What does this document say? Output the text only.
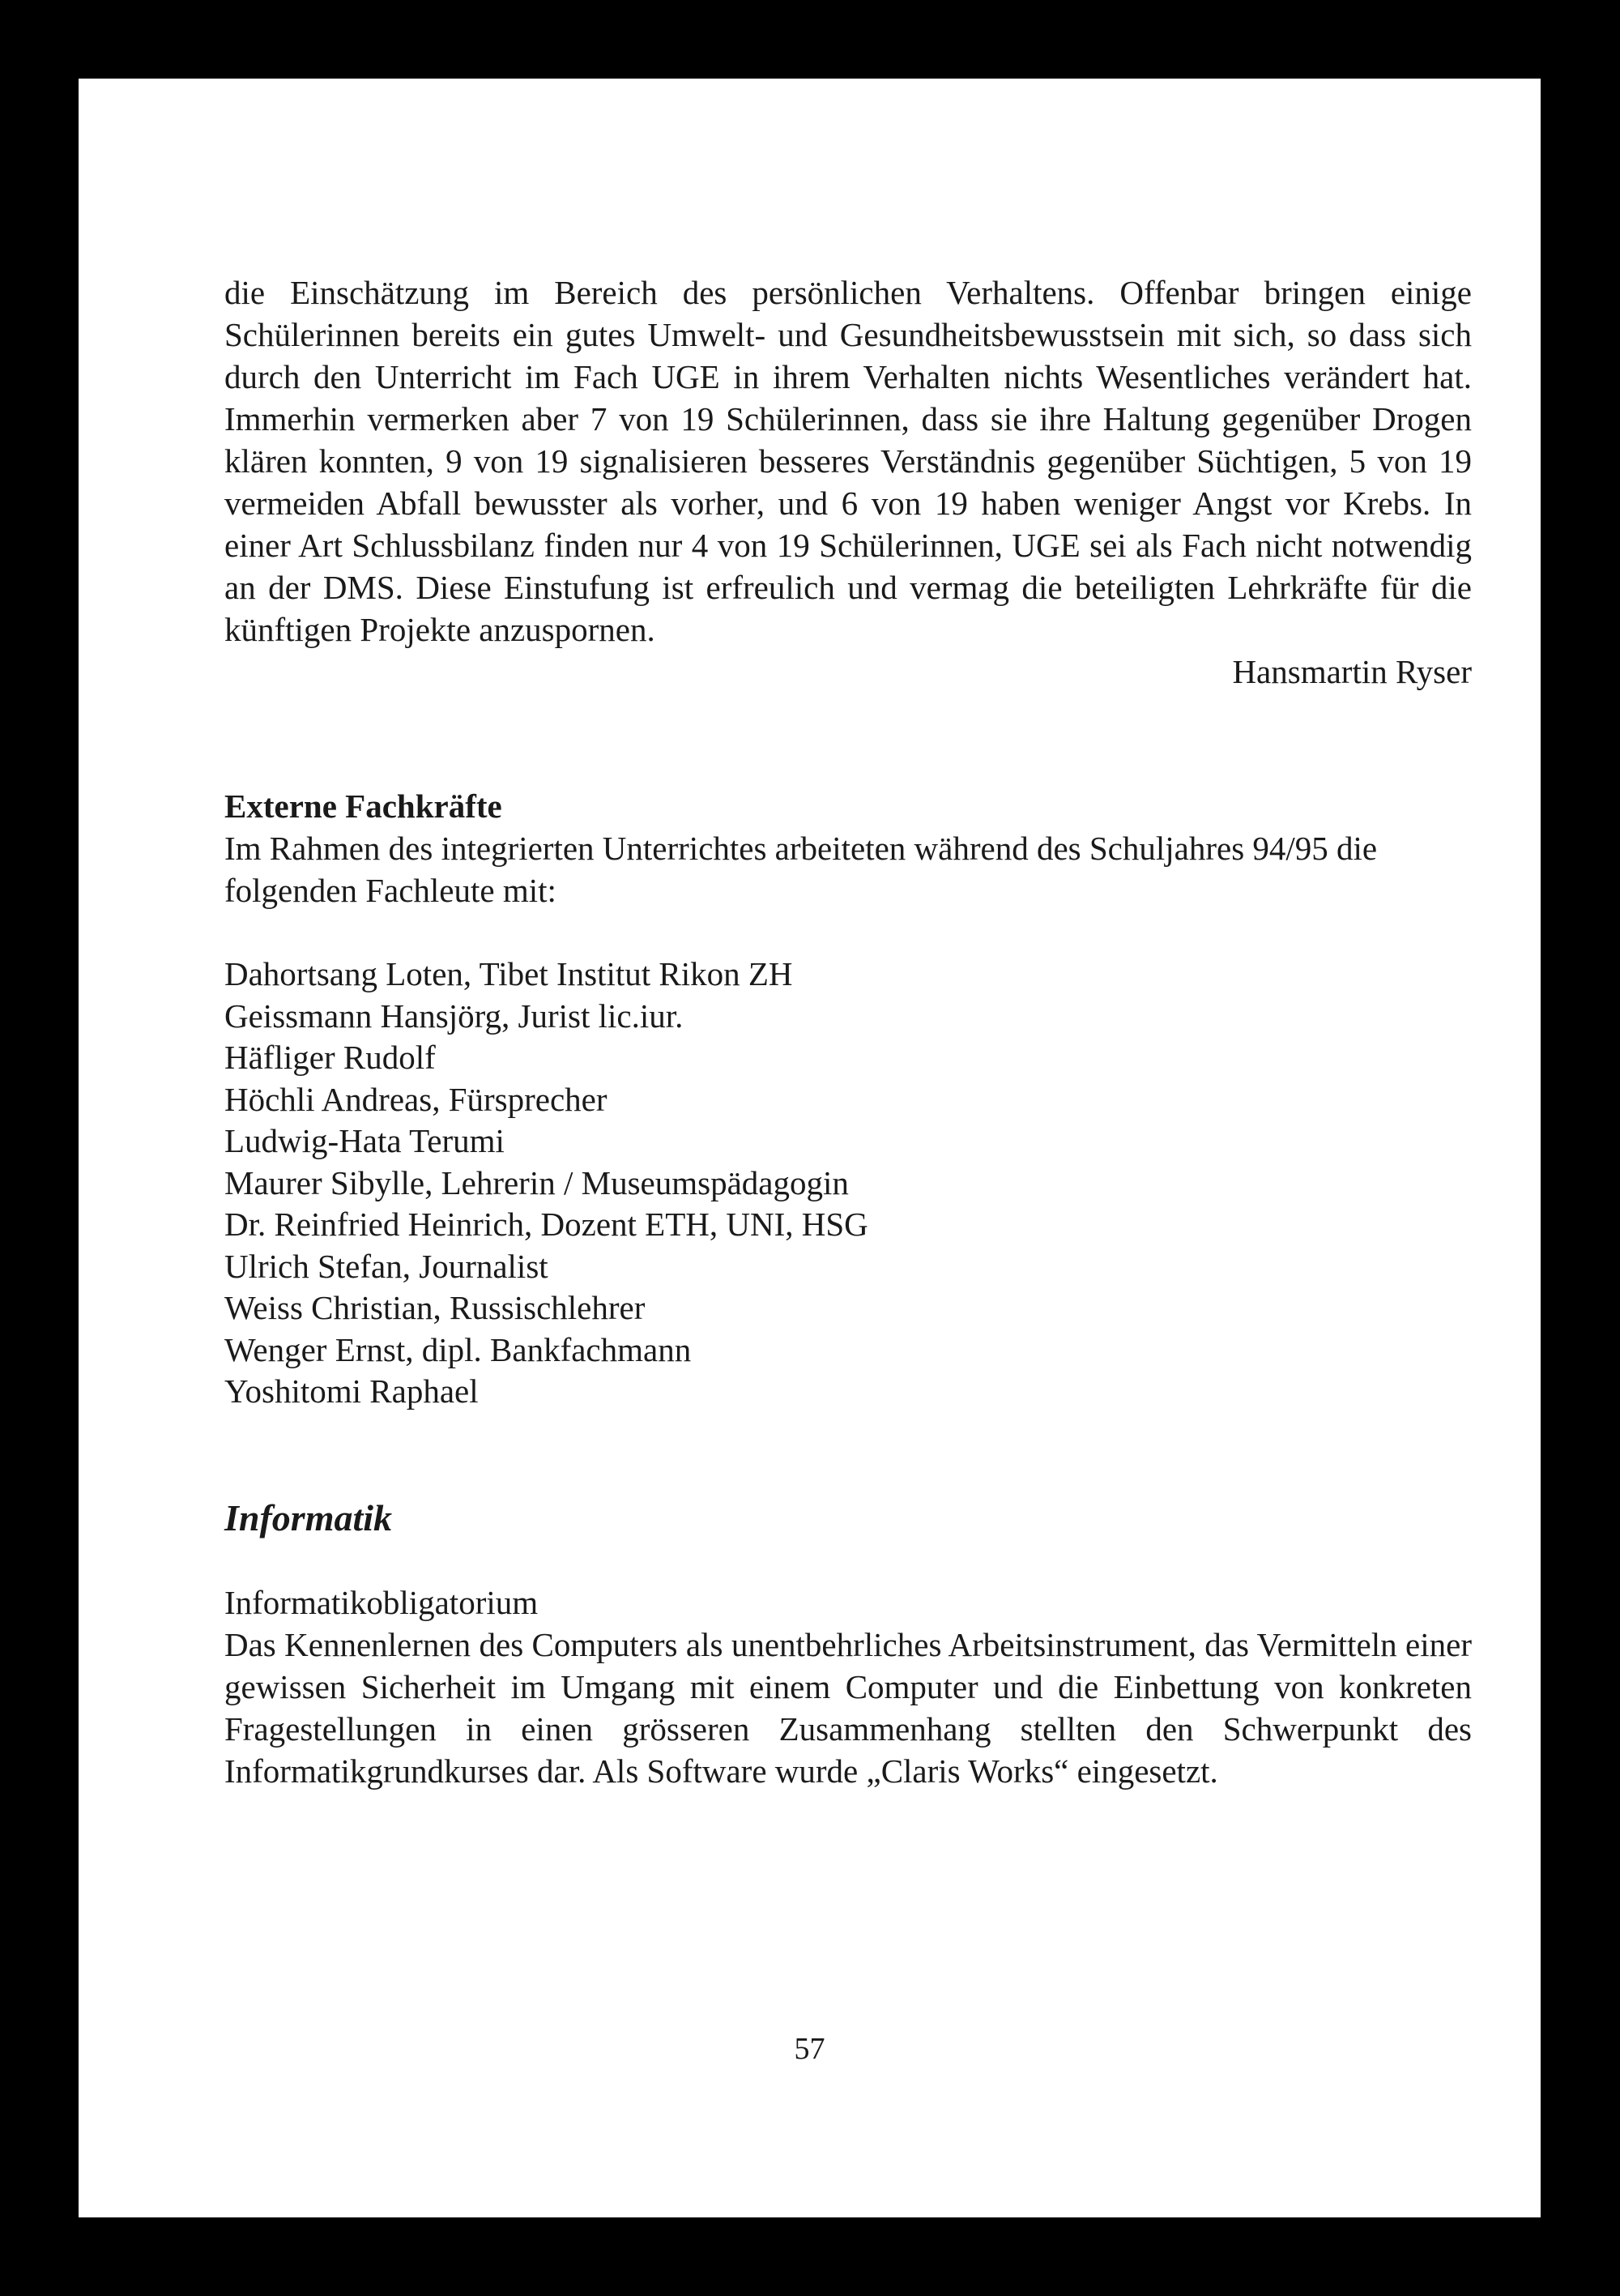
die Einschätzung im Bereich des persönlichen Verhaltens. Offenbar bringen einige Schülerinnen bereits ein gutes Umwelt- und Gesundheitsbewusstsein mit sich, so dass sich durch den Unterricht im Fach UGE in ihrem Verhalten nichts Wesentliches verändert hat. Immerhin vermerken aber 7 von 19 Schülerinnen, dass sie ihre Haltung gegenüber Drogen klären konnten, 9 von 19 signalisieren besseres Verständnis gegenüber Süchtigen, 5 von 19 vermeiden Abfall bewusster als vorher, und 6 von 19 haben weniger Angst vor Krebs. In einer Art Schlussbilanz finden nur 4 von 19 Schülerinnen, UGE sei als Fach nicht notwendig an der DMS. Diese Einstufung ist erfreulich und vermag die beteiligten Lehrkräfte für die künftigen Projekte anzuspornen.

Hansmartin Ryser

Externe Fachkräfte

Im Rahmen des integrierten Unterrichtes arbeiteten während des Schuljahres 94/95 die folgenden Fachleute mit:

Dahortsang Loten, Tibet Institut Rikon ZH
Geissmann Hansjörg, Jurist lic.iur.
Häfliger Rudolf
Höchli Andreas, Fürsprecher
Ludwig-Hata Terumi
Maurer Sibylle, Lehrerin / Museumspädagogin
Dr. Reinfried Heinrich, Dozent ETH, UNI, HSG
Ulrich Stefan, Journalist
Weiss Christian, Russischlehrer
Wenger Ernst, dipl. Bankfachmann
Yoshitomi Raphael
Informatik

Informatikobligatorium

Das Kennenlernen des Computers als unentbehrliches Arbeitsinstrument, das Vermitteln einer gewissen Sicherheit im Umgang mit einem Computer und die Einbettung von konkreten Fragestellungen in einen grösseren Zusammenhang stellten den Schwerpunkt des Informatikgrundkurses dar. Als Software wurde „Claris Works“ eingesetzt.

57
